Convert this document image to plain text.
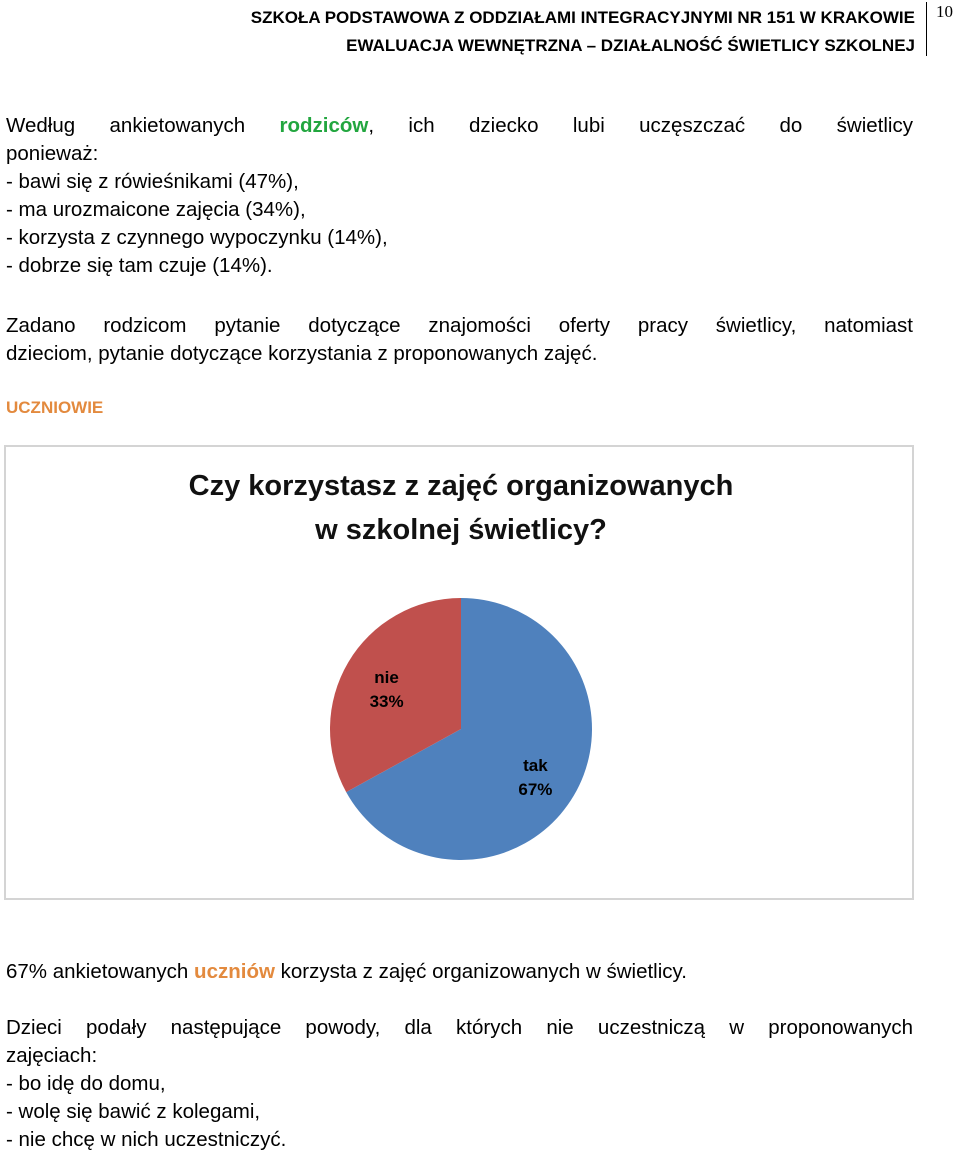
SZKOŁA PODSTAWOWA Z ODDZIAŁAMI INTEGRACYJNYMI NR 151 W KRAKOWIE
EWALUACJA WEWNĘTRZNA – DZIAŁALNOŚĆ ŚWIETLICY SZKOLNEJ
10
Według ankietowanych rodziców, ich dziecko lubi uczęszczać do świetlicy
ponieważ:
- bawi się z rówieśnikami (47%),
- ma urozmaicone zajęcia (34%),
- korzysta z czynnego wypoczynku (14%),
- dobrze się tam czuje (14%).
Zadano rodzicom pytanie dotyczące znajomości oferty pracy świetlicy, natomiast
dzieciom, pytanie dotyczące korzystania z proponowanych zajęć.
UCZNIOWIE
Czy korzystasz z zajęć organizowanych
w szkolnej świetlicy?
tak
67%
nie
33%
67% ankietowanych uczniów korzysta z zajęć organizowanych w świetlicy.
Dzieci podały następujące powody, dla których nie uczestniczą w proponowanych
zajęciach:
- bo idę do domu,
- wolę się bawić z kolegami,
- nie chcę w nich uczestniczyć.
